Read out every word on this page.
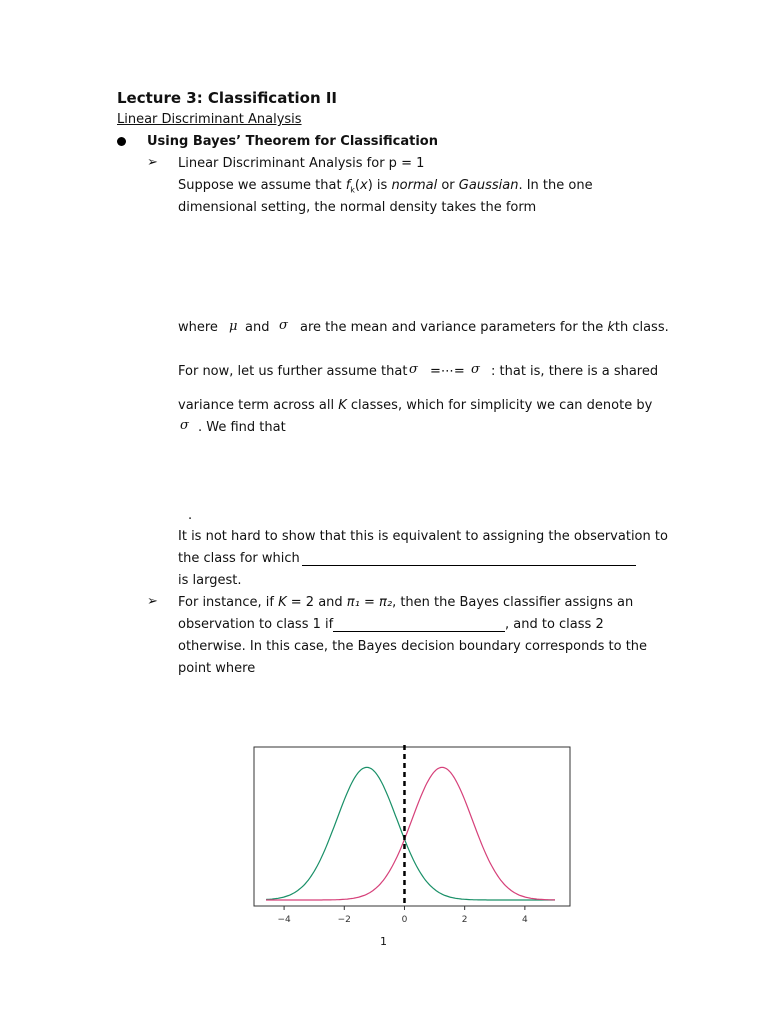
Lecture 3: Classification II
Linear Discriminant Analysis
Using Bayes’ Theorem for Classification
➢ Linear Discriminant Analysis for p = 1
Suppose we assume that $f_k(x)$ is normal or Gaussian. In the one
dimensional setting, the normal density takes the form
where μ and σ are the mean and variance parameters for the kth class.
For now, let us further assume that σ =⋯= σ : that is, there is a shared
variance term across all K classes, which for simplicity we can denote by
σ . We find that
.
It is not hard to show that this is equivalent to assigning the observation to
the class for which
is largest.
➢ For instance, if K = 2 and π₁ = π₂, then the Bayes classifier assigns an
observation to class 1 if	, and to class 2
otherwise. In this case, the Bayes decision boundary corresponds to the
point where
−4	−2	0	2	4
1
